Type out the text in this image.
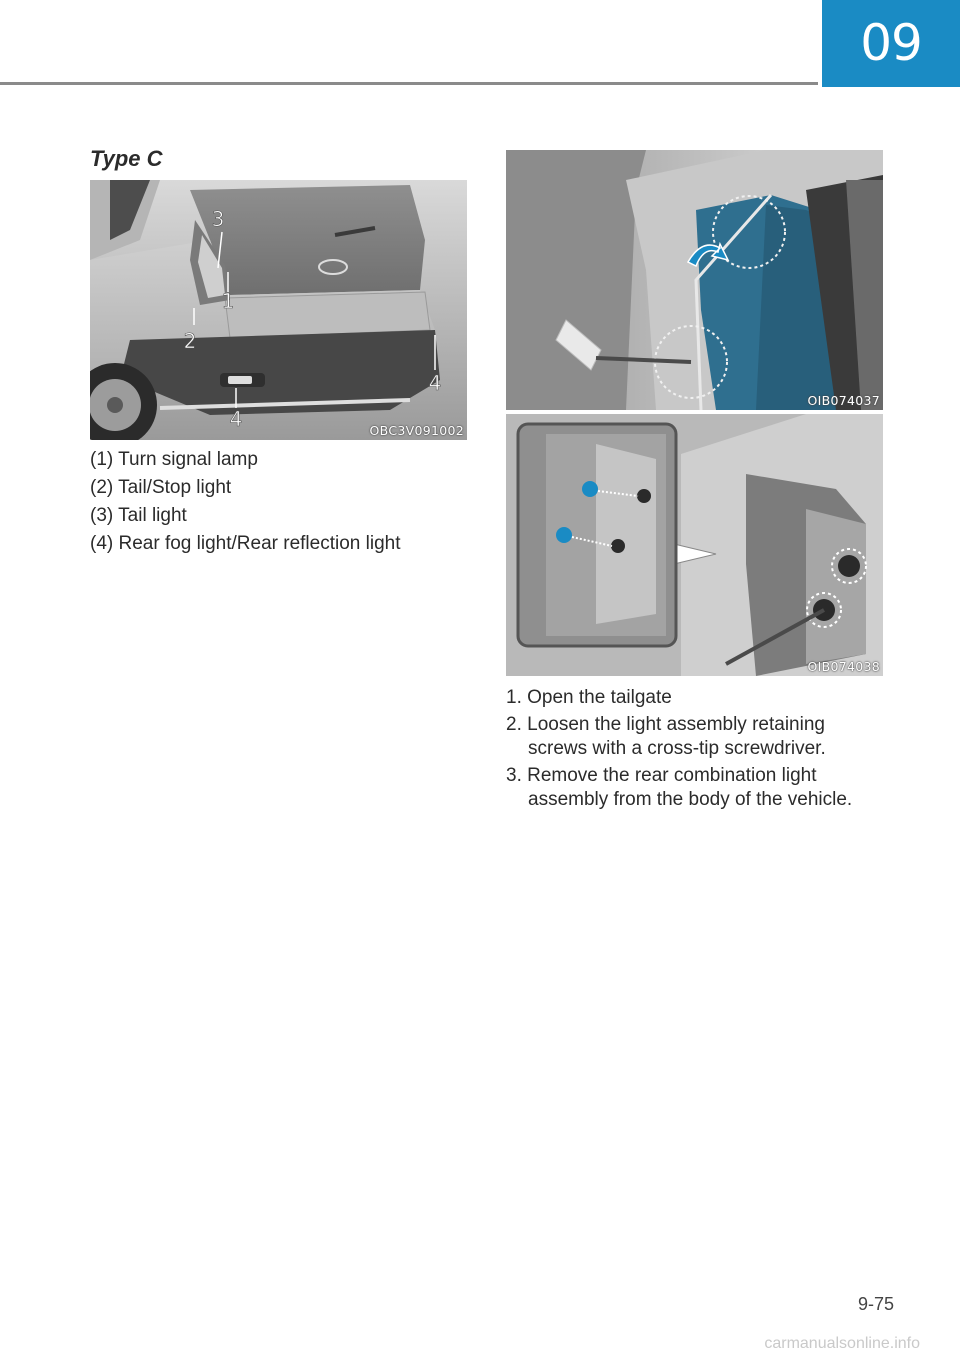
09
Type C
3
1
2
4
4	OBC3V091002
OIB074037
OIB074038
(1) Turn signal lamp
(2) Tail/Stop light
(3) Tail light
(4) Rear fog light/Rear reflection light
1. Open the tailgate
2. Loosen the light assembly retaining screws with a cross-tip screwdriver.
3. Remove the rear combination light assembly from the body of the vehicle.
9-75
carmanualsonline.info
